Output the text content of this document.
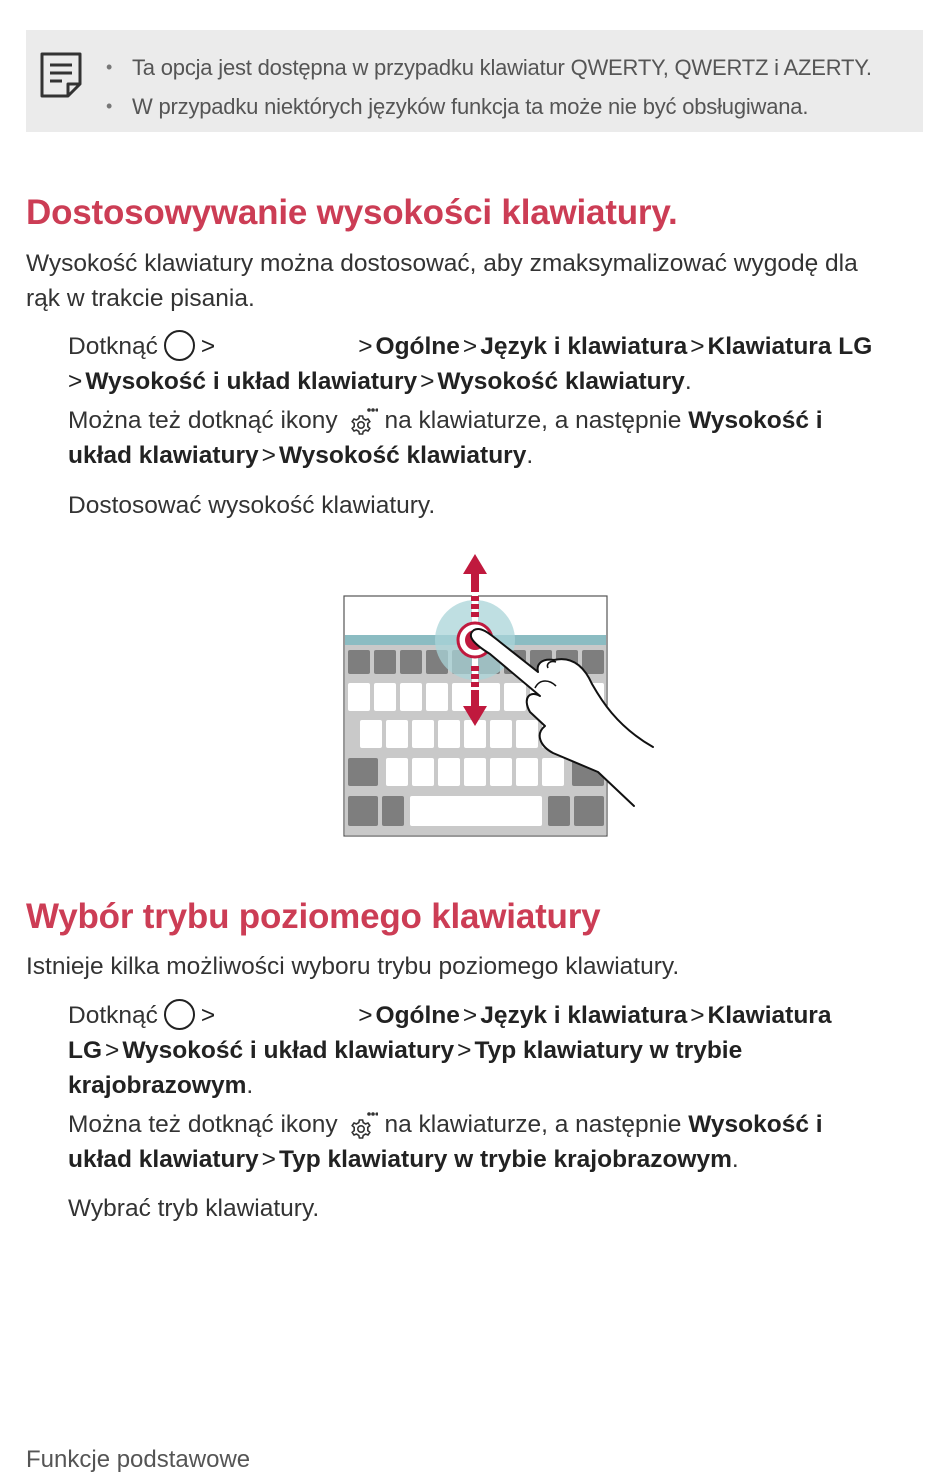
• Ta opcja jest dostępna w przypadku klawiatur QWERTY, QWERTZ i AZERTY.
• W przypadku niektórych języków funkcja ta może nie być obsługiwana.
Dostosowywanie wysokości klawiatury.
Wysokość klawiatury można dostosować, aby zmaksymalizować wygodę dla
rąk w trakcie pisania.
Dotknąć >	> Ogólne > Język i klawiatura > Klawiatura LG
> Wysokość i układ klawiatury > Wysokość klawiatury.
Można też dotknąć ikony na klawiaturze, a następnie Wysokość i
układ klawiatury > Wysokość klawiatury.
Dostosować wysokość klawiatury.
Wybór trybu poziomego klawiatury
Istnieje kilka możliwości wyboru trybu poziomego klawiatury.
Dotknąć >	> Ogólne > Język i klawiatura > Klawiatura
LG > Wysokość i układ klawiatury > Typ klawiatury w trybie
krajobrazowym.
Można też dotknąć ikony na klawiaturze, a następnie Wysokość i
układ klawiatury > Typ klawiatury w trybie krajobrazowym.
Wybrać tryb klawiatury.
Funkcje podstawowe
